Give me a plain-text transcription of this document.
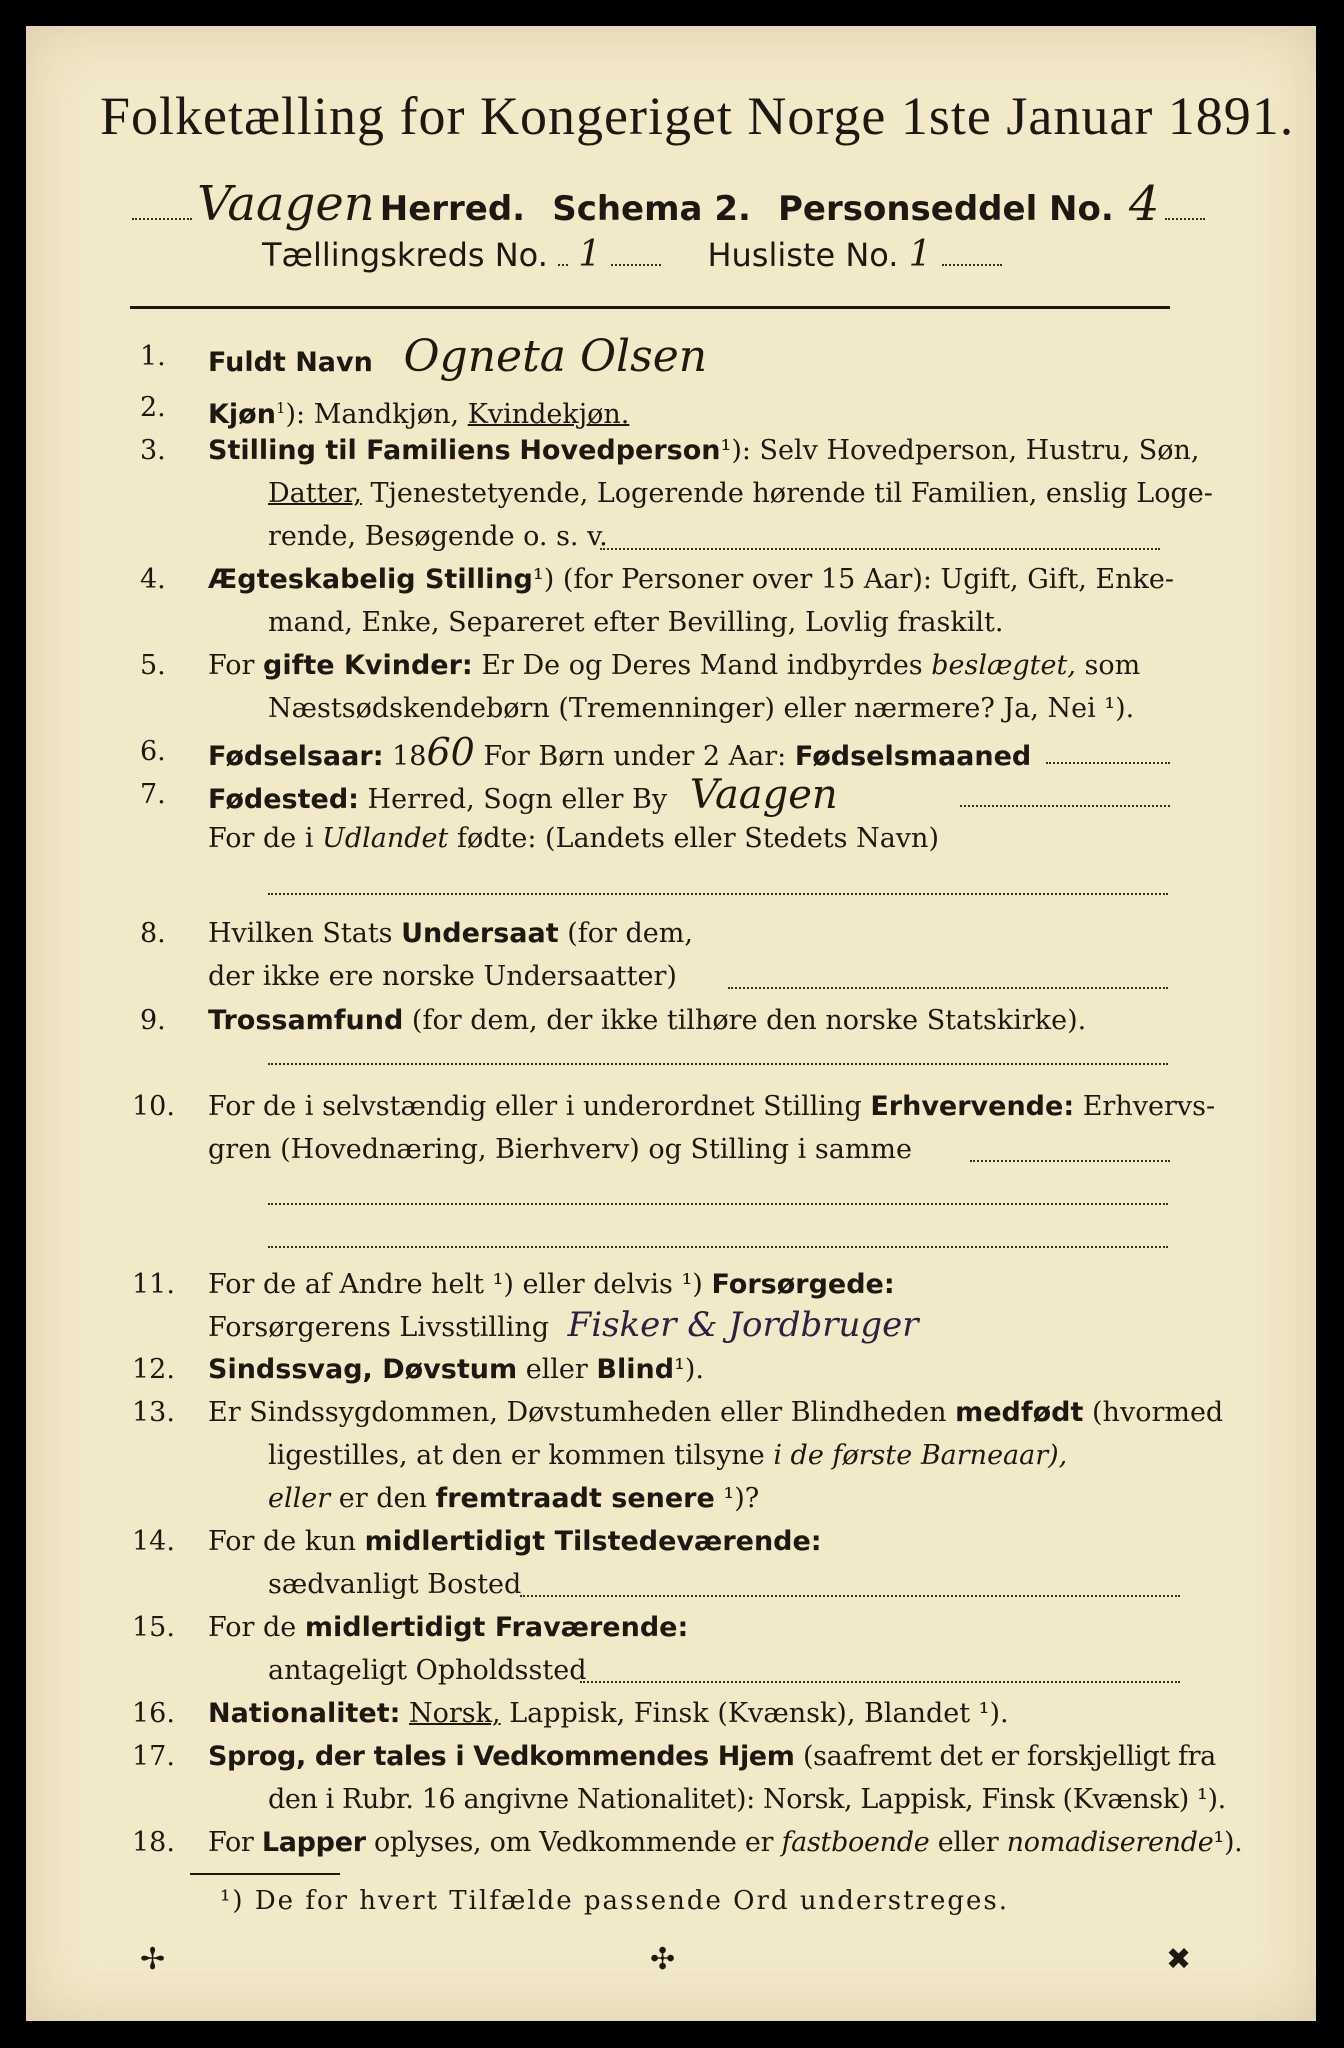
Folketælling for Kongeriget Norge 1ste Januar 1891.
Vaagen Herred. Schema 2. Personseddel No. 4
Tællingskreds No. 1	Husliste No. 1
1.	Fuldt Navn Ogneta Olsen
2.	Kjøn$^1$): Mandkjøn, Kvindekjøn.
3.	Stilling til Familiens Hovedperson¹): Selv Hovedperson, Hustru, Søn,
Datter, Tjenestetyende, Logerende hørende til Familien, enslig Loge-
rende, Besøgende o. s. v.
4.	Ægteskabelig Stilling¹) (for Personer over 15 Aar): Ugift, Gift, Enke-
mand, Enke, Separeret efter Bevilling, Lovlig fraskilt.
5.	For gifte Kvinder: Er De og Deres Mand indbyrdes beslægtet, som
Næstsødskendebørn (Tremenninger) eller nærmere? Ja, Nei ¹).
6.	Fødselsaar: 1860 For Børn under 2 Aar: Fødselsmaaned
7.	Fødested: Herred, Sogn eller By Vaagen
For de i Udlandet fødte: (Landets eller Stedets Navn)
8.	Hvilken Stats Undersaat (for dem,
der ikke ere norske Undersaatter)
9.	Trossamfund (for dem, der ikke tilhøre den norske Statskirke).
10.	For de i selvstændig eller i underordnet Stilling Erhvervende: Erhvervs-
gren (Hovednæring, Bierhverv) og Stilling i samme
11.	For de af Andre helt ¹) eller delvis ¹) Forsørgede:
Forsørgerens Livsstilling Fisker & Jordbruger
12.	Sindssvag, Døvstum eller Blind¹).
13.	Er Sindssygdommen, Døvstumheden eller Blindheden medfødt (hvormed
ligestilles, at den er kommen tilsyne i de første Barneaar),
eller er den fremtraadt senere ¹)?
14.	For de kun midlertidigt Tilstedeværende:
sædvanligt Bosted
15.	For de midlertidigt Fraværende:
antageligt Opholdssted
16.	Nationalitet: Norsk, Lappisk, Finsk (Kvænsk), Blandet ¹).
17.	Sprog, der tales i Vedkommendes Hjem (saafremt det er forskjelligt fra
den i Rubr. 16 angivne Nationalitet): Norsk, Lappisk, Finsk (Kvænsk) ¹).
18.	For Lapper oplyses, om Vedkommende er fastboende eller nomadiserende¹).
¹) De for hvert Tilfælde passende Ord understreges.
✢	✣	✖
